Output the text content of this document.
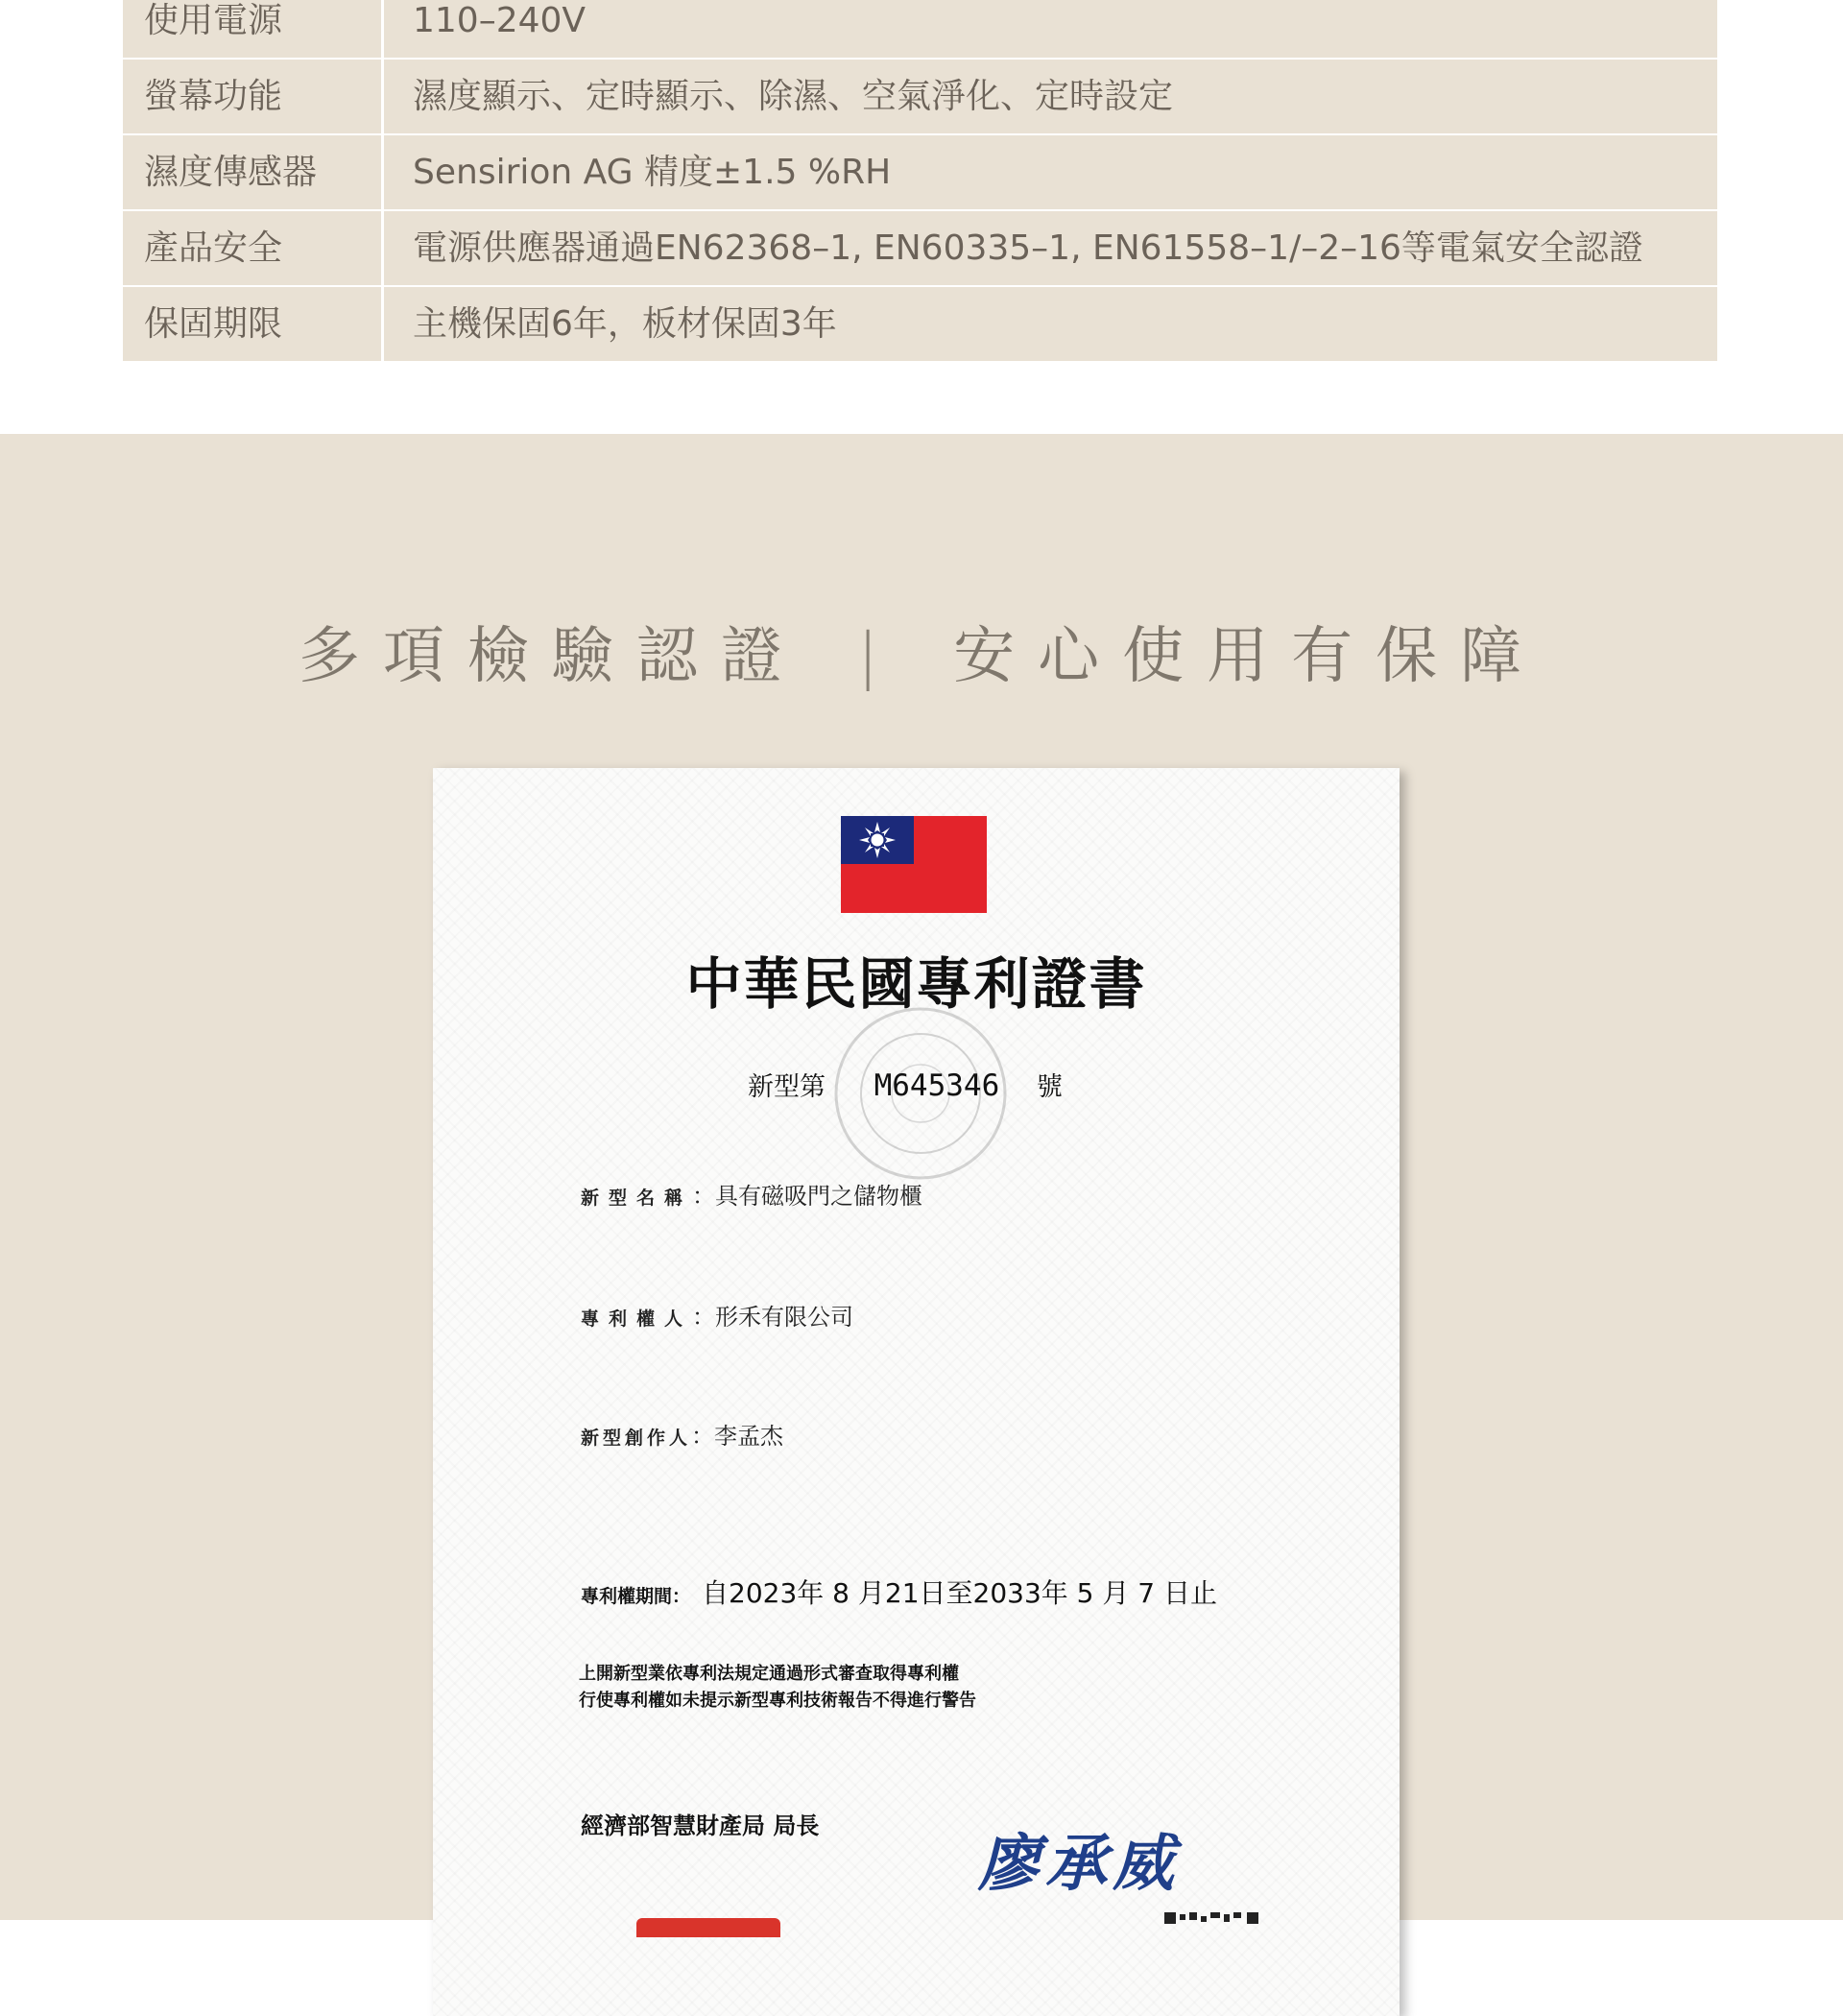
使用電源	110–240V
螢幕功能	濕度顯示、定時顯示、除濕、空氣淨化、定時設定
濕度傳感器	Sensirion AG 精度±1.5 %RH
產品安全	電源供應器通過EN62368–1, EN60335–1, EN61558–1/–2–16等電氣安全認證
保固期限	主機保固6年，板材保固3年
多項檢驗認證 | 安心使用有保障
中華民國專利證書
新型第 M645346 號
新型名稱：具有磁吸門之儲物櫃
專利權人：形禾有限公司
新型創作人：李孟杰
專利權期間： 自2023年 8 月21日至2033年 5 月 7 日止
上開新型業依專利法規定通過形式審查取得專利權
行使專利權如未提示新型專利技術報告不得進行警告
經濟部智慧財產局 局長
廖承威
